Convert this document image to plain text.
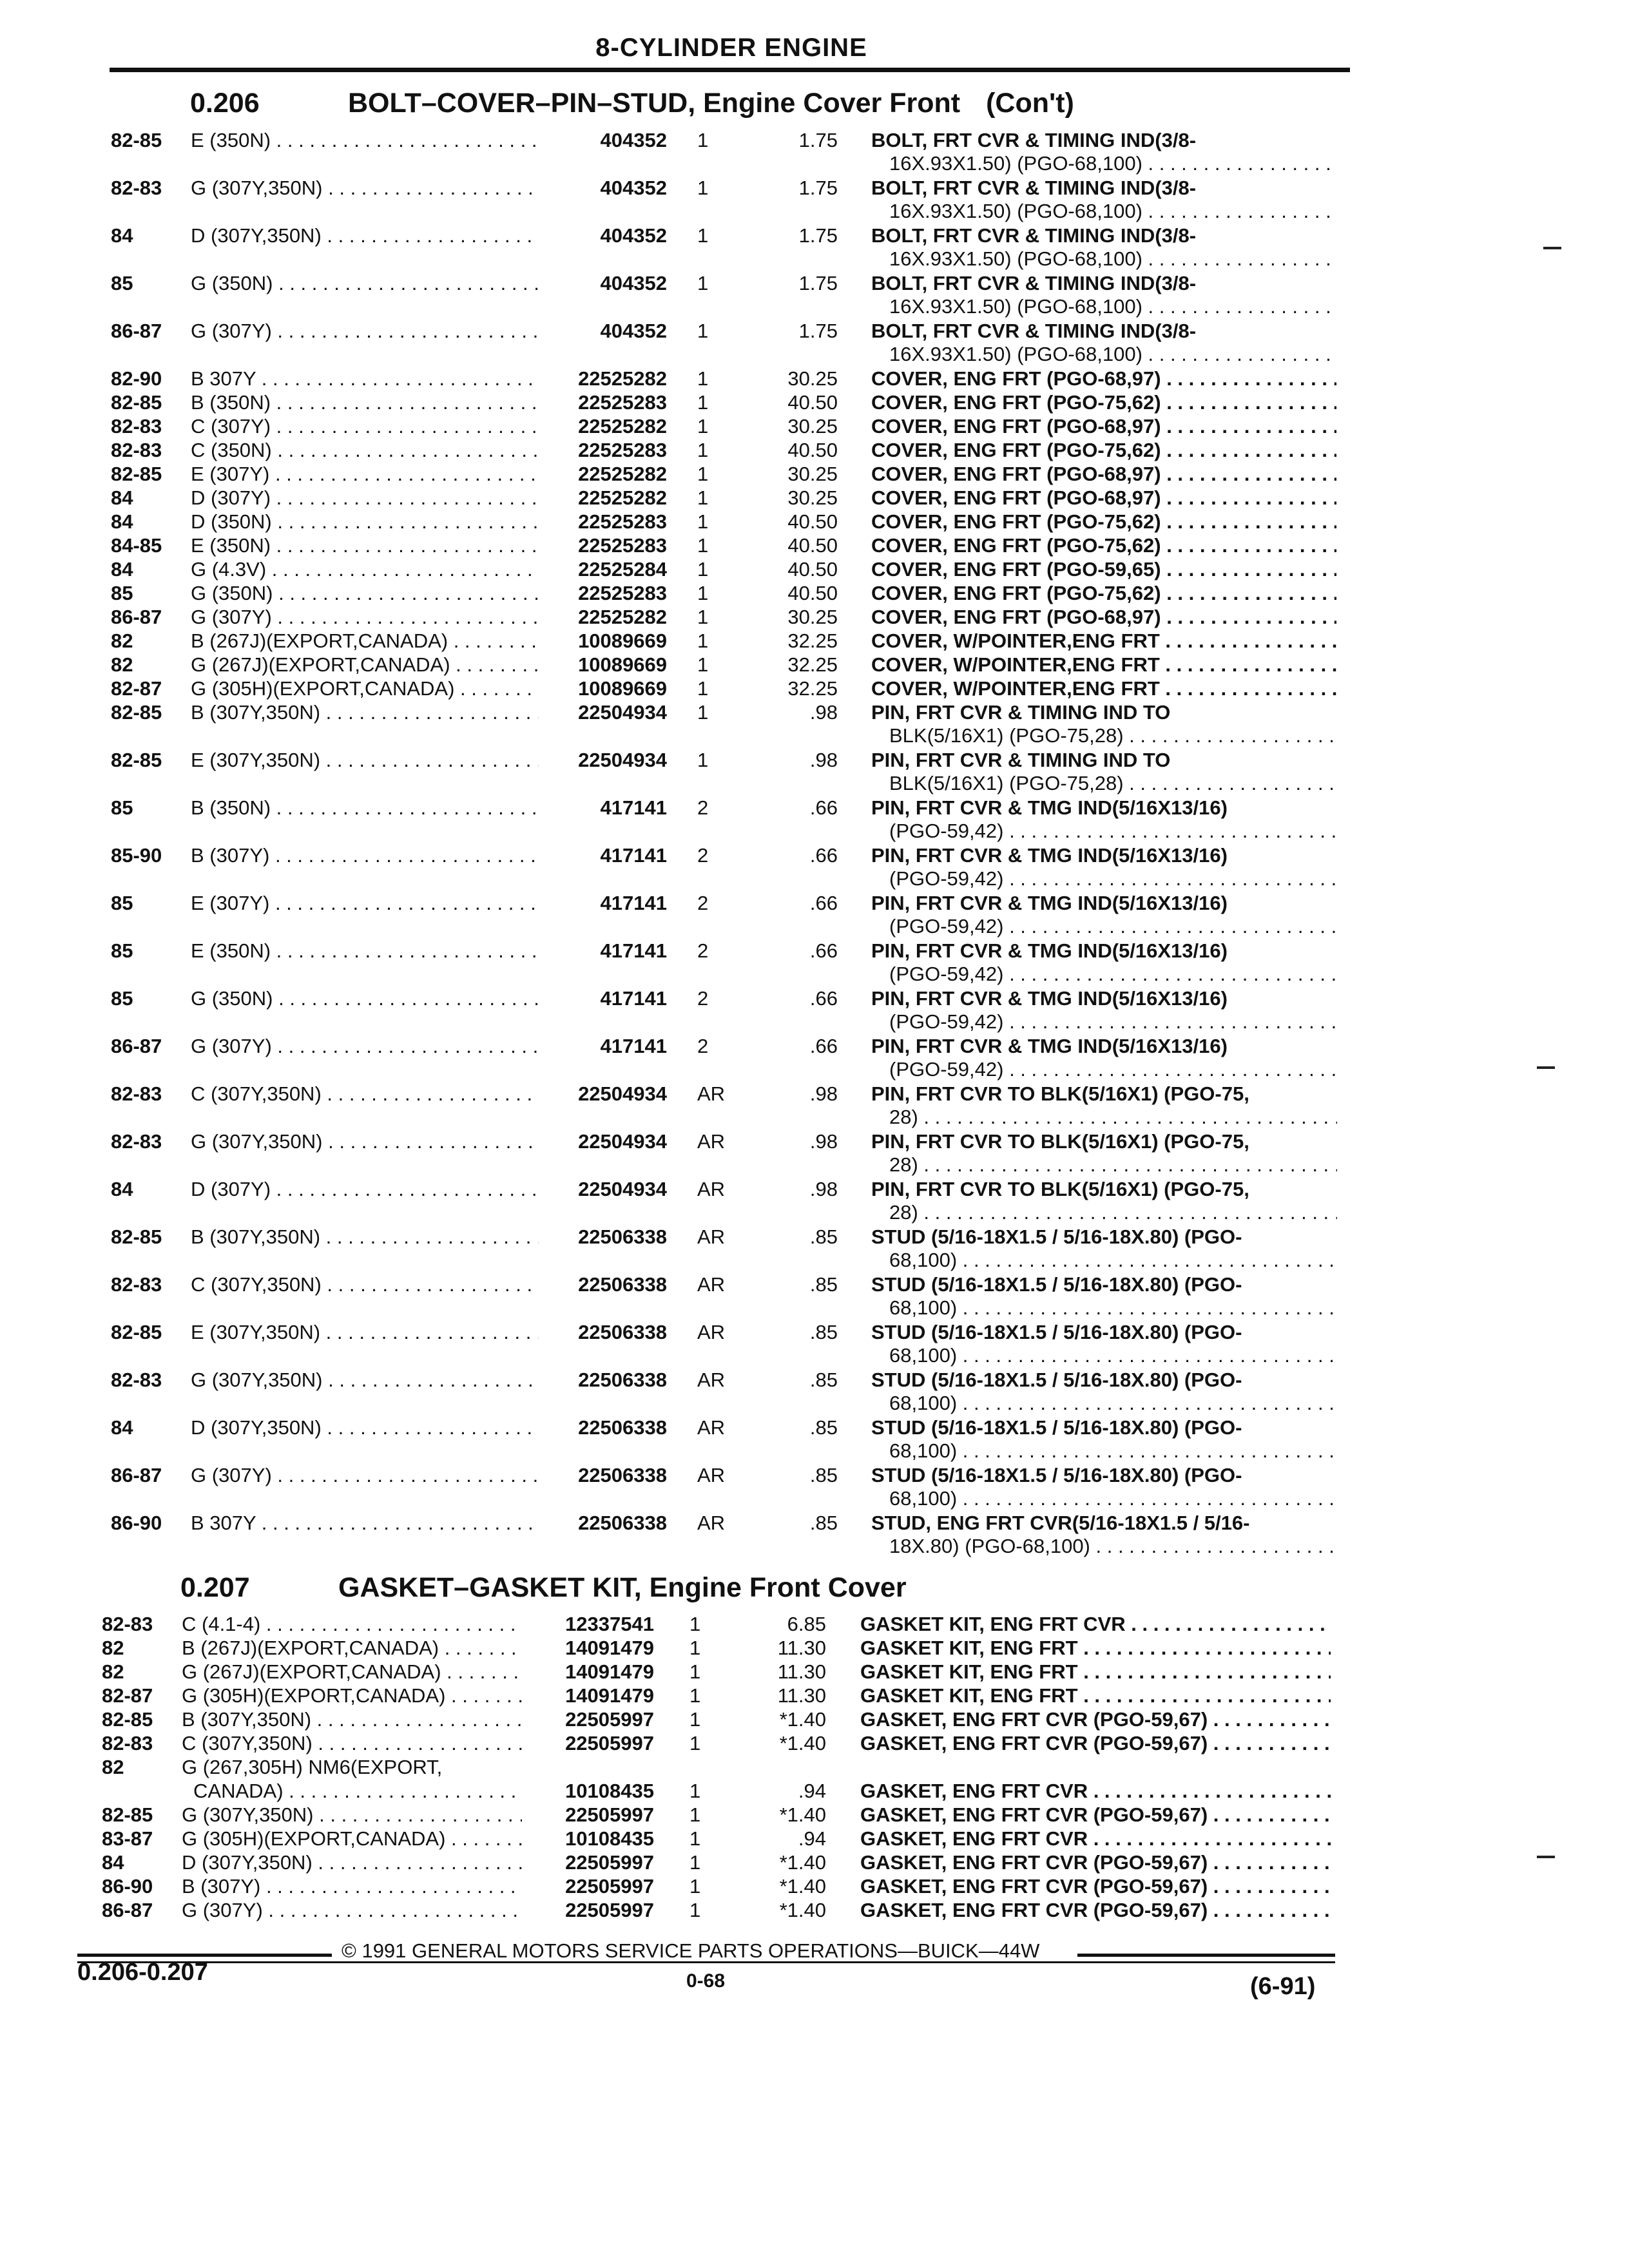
8-CYLINDER ENGINE
0.206	BOLT–COVER–PIN–STUD, Engine Cover Front (Con't)
82-85 E (350N) . . .	404352 1	1.75 BOLT, FRT CVR & TIMING IND(3/8-
16X.93X1.50) (PGO-68,100) . . .
82-83 G (307Y,350N) . . .	404352 1	1.75 BOLT, FRT CVR & TIMING IND(3/8-
16X.93X1.50) (PGO-68,100) . . .
84	D (307Y,350N) . . .	404352 1	1.75 BOLT, FRT CVR & TIMING IND(3/8-
16X.93X1.50) (PGO-68,100) . . .
85	G (350N) . . .	404352 1	1.75 BOLT, FRT CVR & TIMING IND(3/8-
16X.93X1.50) (PGO-68,100) . . .
86-87 G (307Y) . . .	404352 1	1.75 BOLT, FRT CVR & TIMING IND(3/8-
16X.93X1.50) (PGO-68,100) . . .
82-90 B 307Y . . .	22525282 1	30.25 COVER, ENG FRT (PGO-68,97) . . .
82-85 B (350N) . . .	22525283 1	40.50 COVER, ENG FRT (PGO-75,62) . . .
82-83 C (307Y) . . .	22525282 1	30.25 COVER, ENG FRT (PGO-68,97) . . .
82-83 C (350N) . . .	22525283 1	40.50 COVER, ENG FRT (PGO-75,62) . . .
82-85 E (307Y) . . .	22525282 1	30.25 COVER, ENG FRT (PGO-68,97) . . .
84	D (307Y) . . .	22525282 1	30.25 COVER, ENG FRT (PGO-68,97) . . .
84	D (350N) . . .	22525283 1	40.50 COVER, ENG FRT (PGO-75,62) . . .
84-85 E (350N) . . .	22525283 1	40.50 COVER, ENG FRT (PGO-75,62) . . .
84	G (4.3V) . . .	22525284 1	40.50 COVER, ENG FRT (PGO-59,65) . . .
85	G (350N) . . .	22525283 1	40.50 COVER, ENG FRT (PGO-75,62) . . .
86-87 G (307Y) . . .	22525282 1	30.25 COVER, ENG FRT (PGO-68,97) . . .
82	B (267J)(EXPORT,CANADA) . . .	10089669 1	32.25 COVER, W/POINTER,ENG FRT . . .
82	G (267J)(EXPORT,CANADA) . . .	10089669 1	32.25 COVER, W/POINTER,ENG FRT . . .
82-87 G (305H)(EXPORT,CANADA) . . .	10089669 1	32.25 COVER, W/POINTER,ENG FRT . . .
82-85 B (307Y,350N) . . .	22504934 1	.98 PIN, FRT CVR & TIMING IND TO
BLK(5/16X1) (PGO-75,28) . . .
82-85 E (307Y,350N) . . .	22504934 1	.98 PIN, FRT CVR & TIMING IND TO
BLK(5/16X1) (PGO-75,28) . . .
85	B (350N) . . .	417141 2	.66 PIN, FRT CVR & TMG IND(5/16X13/16)
(PGO-59,42) . . .
85-90 B (307Y) . . .	417141 2	.66 PIN, FRT CVR & TMG IND(5/16X13/16)
(PGO-59,42) . . .
85	E (307Y) . . .	417141 2	.66 PIN, FRT CVR & TMG IND(5/16X13/16)
(PGO-59,42) . . .
85	E (350N) . . .	417141 2	.66 PIN, FRT CVR & TMG IND(5/16X13/16)
(PGO-59,42) . . .
85	G (350N) . . .	417141 2	.66 PIN, FRT CVR & TMG IND(5/16X13/16)
(PGO-59,42) . . .
86-87 G (307Y) . . .	417141 2	.66 PIN, FRT CVR & TMG IND(5/16X13/16)
(PGO-59,42) . . .
82-83 C (307Y,350N) . . .	22504934 AR	.98 PIN, FRT CVR TO BLK(5/16X1) (PGO-75,
28) . . .
82-83 G (307Y,350N) . . .	22504934 AR	.98 PIN, FRT CVR TO BLK(5/16X1) (PGO-75,
28) . . .
84	D (307Y) . . .	22504934 AR	.98 PIN, FRT CVR TO BLK(5/16X1) (PGO-75,
28) . . .
82-85 B (307Y,350N) . . .	22506338 AR	.85 STUD (5/16-18X1.5 / 5/16-18X.80) (PGO-
68,100) . . .
82-83 C (307Y,350N) . . .	22506338 AR	.85 STUD (5/16-18X1.5 / 5/16-18X.80) (PGO-
68,100) . . .
82-85 E (307Y,350N) . . .	22506338 AR	.85 STUD (5/16-18X1.5 / 5/16-18X.80) (PGO-
68,100) . . .
82-83 G (307Y,350N) . . .	22506338 AR	.85 STUD (5/16-18X1.5 / 5/16-18X.80) (PGO-
68,100) . . .
84	D (307Y,350N) . . .	22506338 AR	.85 STUD (5/16-18X1.5 / 5/16-18X.80) (PGO-
68,100) . . .
86-87 G (307Y) . . .	22506338 AR	.85 STUD (5/16-18X1.5 / 5/16-18X.80) (PGO-
68,100) . . .
86-90 B 307Y . . .	22506338 AR	.85 STUD, ENG FRT CVR(5/16-18X1.5 / 5/16-
18X.80) (PGO-68,100) . . .
0.207	GASKET–GASKET KIT, Engine Front Cover
82-83 C (4.1-4) . . .	12337541 1	6.85 GASKET KIT, ENG FRT CVR . . .
82	B (267J)(EXPORT,CANADA) . . .	14091479 1	11.30 GASKET KIT, ENG FRT . . .
82	G (267J)(EXPORT,CANADA) . . .	14091479 1	11.30 GASKET KIT, ENG FRT . . .
82-87 G (305H)(EXPORT,CANADA) . . .	14091479 1	11.30 GASKET KIT, ENG FRT . . .
82-85 B (307Y,350N) . . .	22505997 1	*1.40 GASKET, ENG FRT CVR (PGO-59,67) . . .
82-83 C (307Y,350N) . . .	22505997 1	*1.40 GASKET, ENG FRT CVR (PGO-59,67) . . .
82	G (267,305H) NM6(EXPORT,
CANADA) . . .	10108435 1	.94 GASKET, ENG FRT CVR . . .
82-85 G (307Y,350N) . . .	22505997 1	*1.40 GASKET, ENG FRT CVR (PGO-59,67) . . .
83-87 G (305H)(EXPORT,CANADA) . . .	10108435 1	.94 GASKET, ENG FRT CVR . . .
84	D (307Y,350N) . . .	22505997 1	*1.40 GASKET, ENG FRT CVR (PGO-59,67) . . .
86-90 B (307Y) . . .	22505997 1	*1.40 GASKET, ENG FRT CVR (PGO-59,67) . . .
86-87 G (307Y) . . .	22505997 1	*1.40 GASKET, ENG FRT CVR (PGO-59,67) . . .
© 1991 GENERAL MOTORS SERVICE PARTS OPERATIONS—BUICK—44W
0.206-0.207	0-68	(6-91)
